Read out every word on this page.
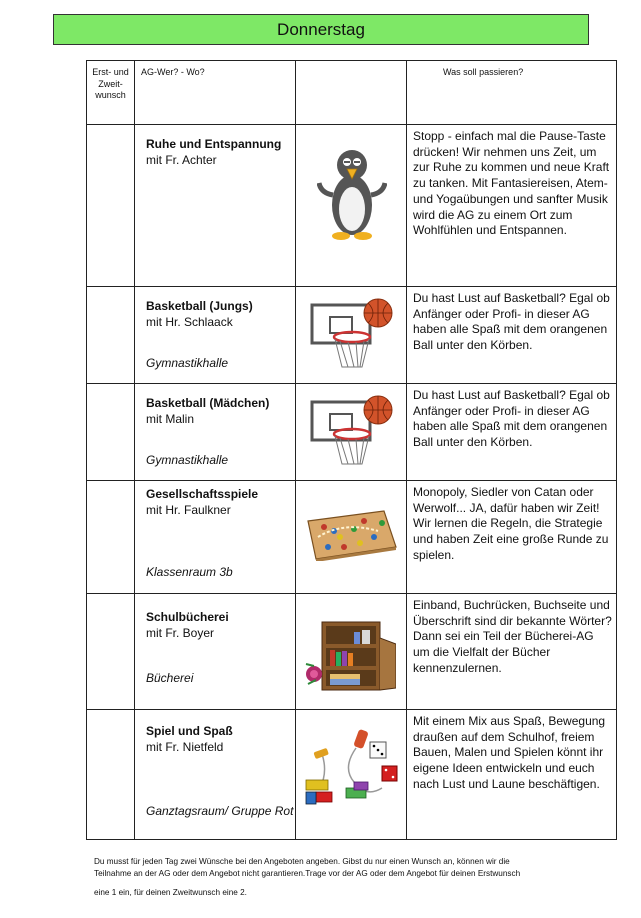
Donnerstag
Erst- und Zweit- wunsch	AG-Wer? - Wo?		Was soll passieren?

	Ruhe und Entspannung
mit Fr. Achter		Stopp - einfach mal die Pause-Taste drücken! Wir nehmen uns Zeit, um zur Ruhe zu kommen und neue Kraft zu tanken. Mit Fantasiereisen, Atem- und Yogaübungen und sanfter Musik wird die AG zu einem Ort zum Wohlfühlen und Entspannen.

	Basketball (Jungs)
mit Hr. Schlaack
Gymnastikhalle		Du hast Lust auf Basketball? Egal ob Anfänger oder Profi- in dieser AG haben alle Spaß mit dem orangenen Ball unter den Körben.

	Basketball (Mädchen)
mit Malin
Gymnastikhalle		Du hast Lust auf Basketball? Egal ob Anfänger oder Profi- in dieser AG haben alle Spaß mit dem orangenen Ball unter den Körben.

	Gesellschaftsspiele
mit Hr. Faulkner
Klassenraum 3b		Monopoly, Siedler von Catan oder Werwolf... JA, dafür haben wir Zeit! Wir lernen die Regeln, die Strategie und haben Zeit eine große Runde zu spielen.

	Schulbücherei
mit Fr. Boyer
Bücherei		Einband, Buchrücken, Buchseite und Überschrift sind dir bekannte Wörter? Dann sei ein Teil der Bücherei-AG um die Vielfalt der Bücher kennenzulernen.

	Spiel und Spaß
mit Fr. Nietfeld
Ganztagsraum/ Gruppe Rot		Mit einem Mix aus Spaß, Bewegung draußen auf dem Schulhof, freiem Bauen, Malen und Spielen könnt ihr eigene Ideen entwickeln und euch nach Lust und Laune beschäftigen.
Du musst für jeden Tag zwei Wünsche bei den Angeboten angeben. Gibst du nur einen Wunsch an, können wir die
Teilnahme an der AG oder dem Angebot nicht garantieren.Trage vor der AG oder dem Angebot für deinen Erstwunsch
eine 1 ein, für deinen Zweitwunsch eine 2.
